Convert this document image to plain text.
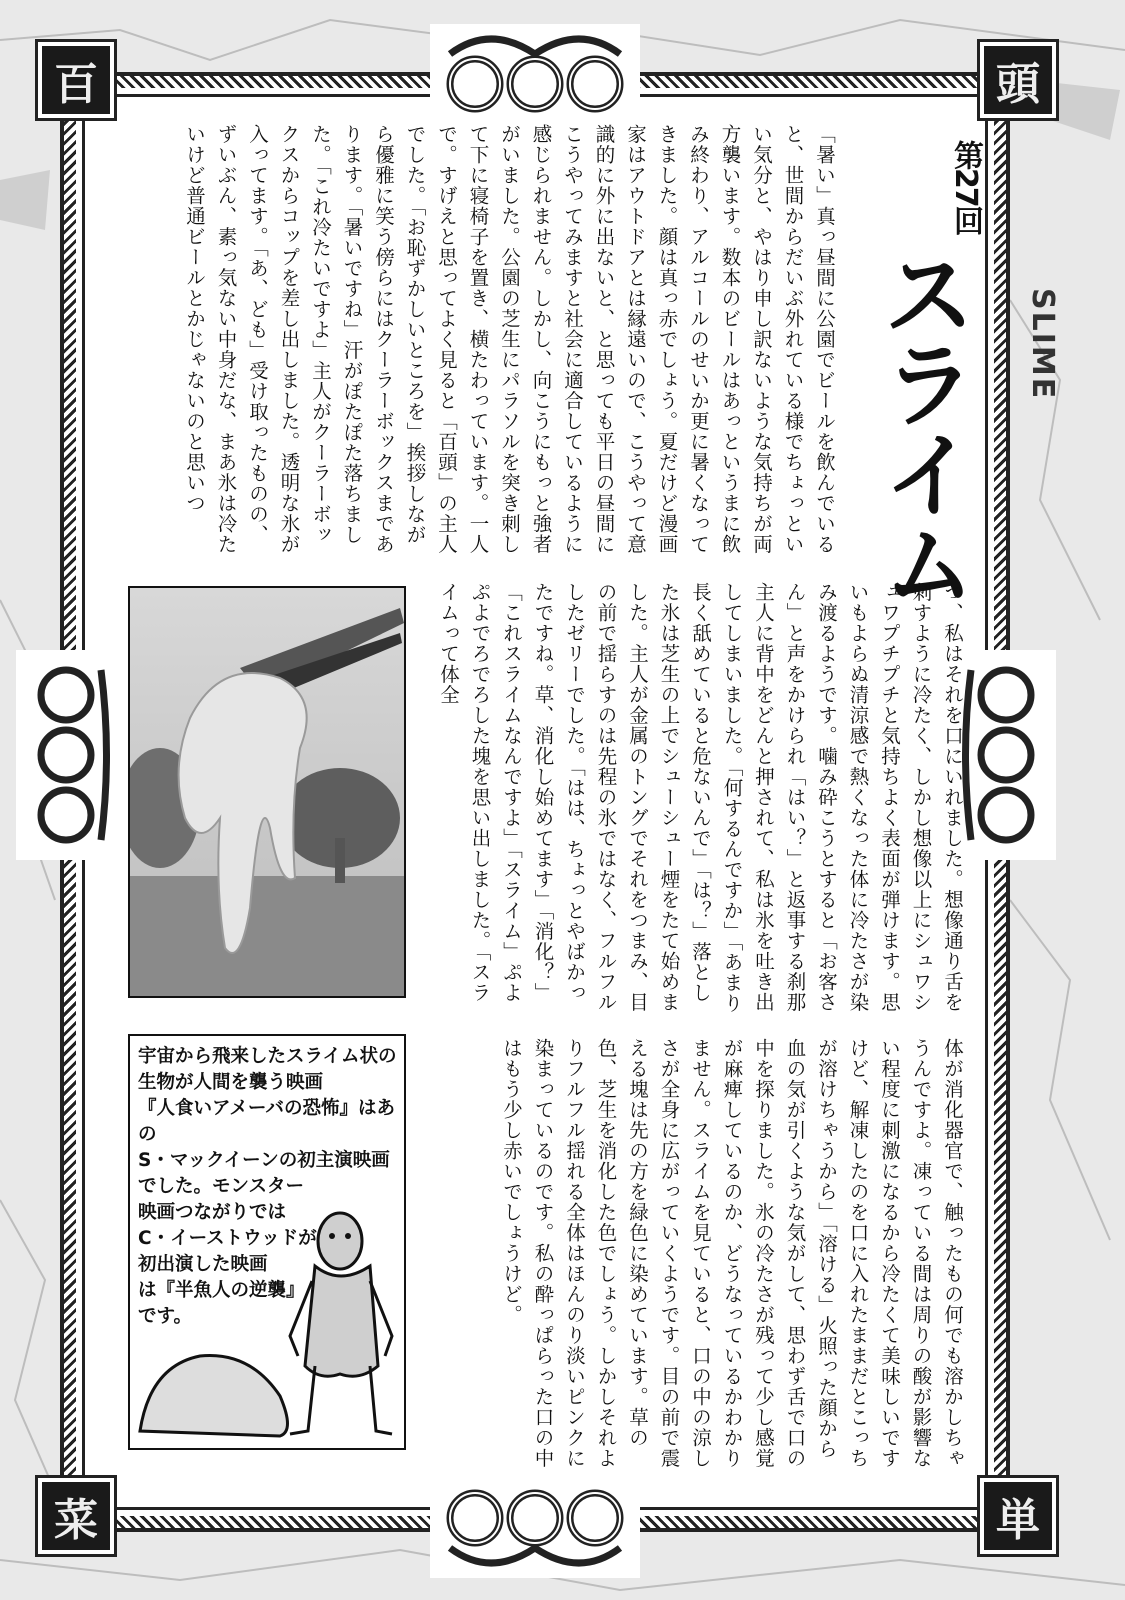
百	頭
菜	単
第27回
スライム SLIME
「暑い」真っ昼間に公園でビールを飲んでいると、世間からだいぶ外れている様でちょっといい気分と、やはり申し訳ないような気持ちが両方襲います。数本のビールはあっというまに飲み終わり、アルコールのせいか更に暑くなってきました。顔は真っ赤でしょう。夏だけど漫画家はアウトドアとは縁遠いので、こうやって意識的に外に出ないと、と思っても平日の昼間にこうやってみますと社会に適合しているように感じられません。しかし、向こうにもっと強者がいました。公園の芝生にパラソルを突き刺して下に寝椅子を置き、横たわっています。一人で。すげえと思ってよく見ると「百頭」の主人でした。「お恥ずかしいところを」挨拶しながら優雅に笑う傍らにはクーラーボックスまであります。「暑いですね」汗がぽたぽた落ちました。「これ冷たいですよ」主人がクーラーボックスからコップを差し出しました。透明な氷が入ってます。「あ、ども」受け取ったものの、ずいぶん、素っ気ない中身だな、まあ氷は冷たいけど普通ビールとかじゃないのと思いつ
つ、私はそれを口にいれました。想像通り舌を刺すように冷たく、しかし想像以上にシュワシュワプチプチと気持ちよく表面が弾けます。思いもよらぬ清涼感で熱くなった体に冷たさが染み渡るようです。噛み砕こうとすると「お客さん」と声をかけられ「はい？」と返事する刹那主人に背中をどんと押されて、私は氷を吐き出してしまいました。「何するんですか」「あまり長く舐めていると危ないんで」「は？」落とした氷は芝生の上でシューシュー煙をたて始めました。主人が金属のトングでそれをつまみ、目の前で揺らすのは先程の氷ではなく、フルフルしたゼリーでした。「はは、ちょっとやばかったですね。草、消化し始めてます」「消化？」「これスライムなんですよ」「スライム」ぷよぷよでろでろした塊を思い出しました。「スライムって体全
体が消化器官で、触ったもの何でも溶かしちゃうんですよ。凍っている間は周りの酸が影響ない程度に刺激になるから冷たくて美味しいですけど、解凍したのを口に入れたままだとこっちが溶けちゃうから」「溶ける」火照った顔から血の気が引くような気がして、思わず舌で口の中を探りました。氷の冷たさが残って少し感覚が麻痺しているのか、どうなっているかわかりません。スライムを見ていると、口の中の涼しさが全身に広がっていくようです。目の前で震える塊は先の方を緑色に染めています。草の色、芝生を消化した色でしょう。しかしそれよりフルフル揺れる全体はほんのり淡いピンクに染まっているのです。私の酔っぱらった口の中はもう少し赤いでしょうけど。
宇宙から飛来したスライム状の
生物が人間を襲う映画
『人食いアメーバの恐怖』はあの
S・マックイーンの初主演映画
でした。モンスター
映画つながりでは
C・イーストウッドが
初出演した映画
は『半魚人の逆襲』
です。
